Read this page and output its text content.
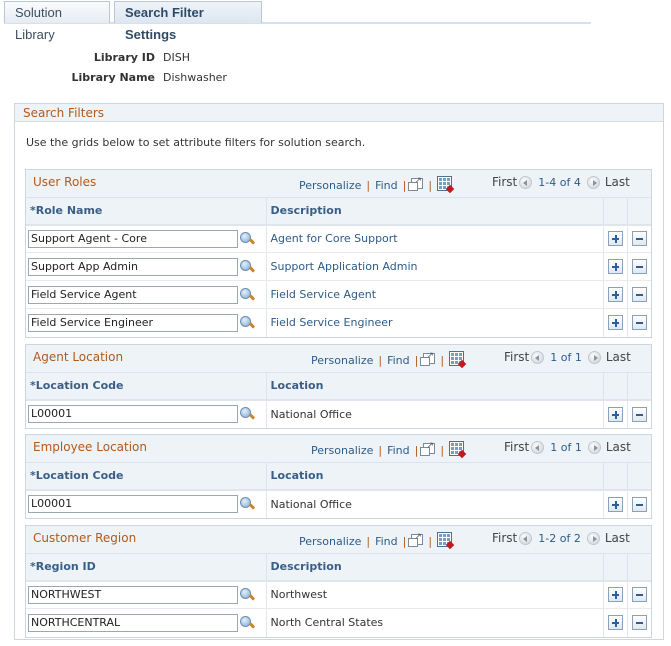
Solution Library
Search Filter Settings
Library ID DISH
Library Name Dishwasher
Search Filters
Use the grids below to set attribute filters for solution search.
User Roles	Personalize | Find | ↗ |	First 1-4 of 4 Last
*Role Name	Description		
Support Agent - Core	Agent for Core Support		
Support App Admin	Support Application Admin		
Field Service Agent	Field Service Agent		
Field Service Engineer	Field Service Engineer		
Agent Location	Personalize | Find | ↗ |	First 1 of 1 Last
*Location Code	Location		
L00001	National Office		
Employee Location	Personalize | Find | ↗ |	First 1 of 1 Last
*Location Code	Location		
L00001	National Office		
Customer Region	Personalize | Find | ↗ |	First 1-2 of 2 Last
*Region ID	Description		
NORTHWEST	Northwest		
NORTHCENTRAL	North Central States		
